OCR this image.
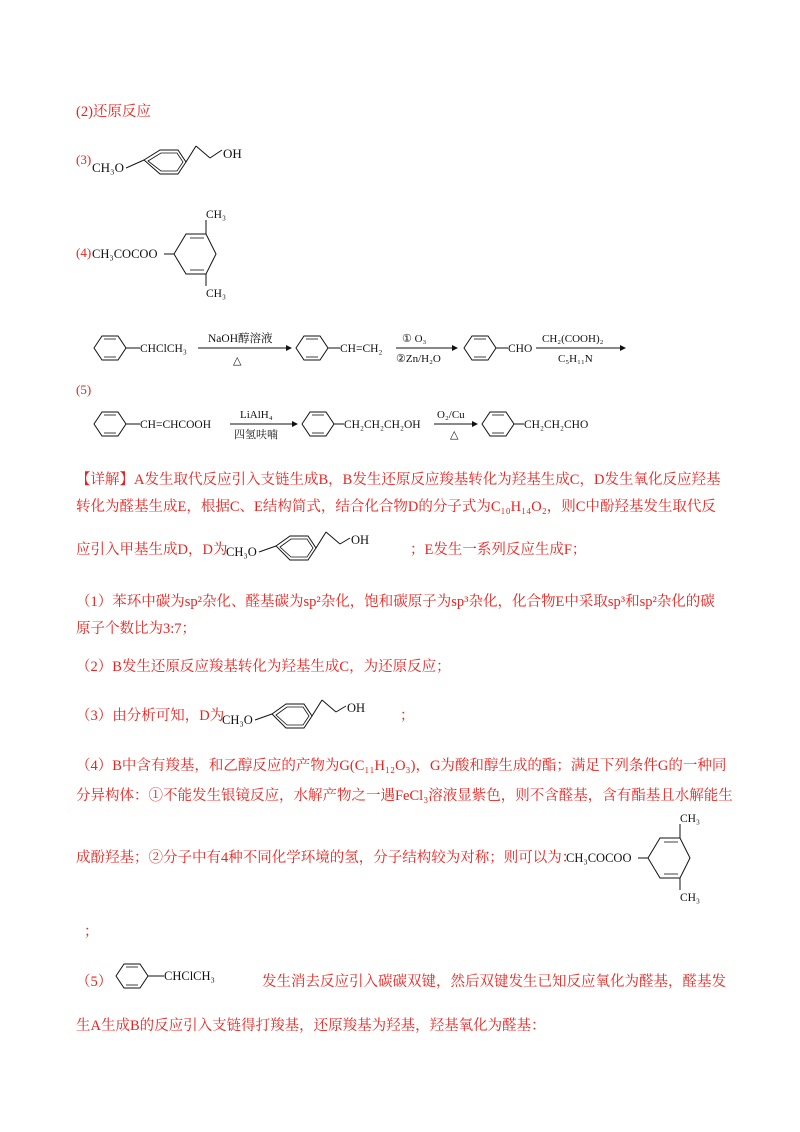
(2)还原反应
(3)
CH₃O
OH
(4) CH₃COCOO
CH₃
CH₃
(5)
CHClCH₃
NaOH醇溶液
△
CH=CH₂
① O₃
②Zn/H₂O
CHO
CH₂(COOH)₂
C₅H₁₁N
CH=CHCOOH
LiAlH₄
四氢呋喃
CH₂CH₂CH₂OH
O₂/Cu
△
CH₂CH₂CHO
【详解】A发生取代反应引入支链生成B，B发生还原反应羧基转化为羟基生成C，D发生氧化反应羟基
转化为醛基生成E，根据C、E结构简式，结合化合物D的分子式为C₁₀H₁₄O₂，则C中酚羟基发生取代反
应引入甲基生成D，D为
CH₃O
OH
；E发生一系列反应生成F；
（1）苯环中碳为sp²杂化、醛基碳为sp²杂化，饱和碳原子为sp³杂化，化合物E中采取sp³和sp²杂化的碳
原子个数比为3:7；
（2）B发生还原反应羧基转化为羟基生成C，为还原反应；
（3）由分析可知，D为
CH₃O
OH ；
（4）B中含有羧基，和乙醇反应的产物为G(C₁₁H₁₂O₃)，G为酸和醇生成的酯；满足下列条件G的一种同
分异构体：①不能发生银镜反应，水解产物之一遇FeCl₃溶液显紫色，则不含醛基，含有酯基且水解能生
成酚羟基；②分子中有4种不同化学环境的氢，分子结构较为对称；则可以为：
CH₃COCOO
CH₃
CH₃
；
（5）	CHClCH₃	发生消去反应引入碳碳双键，然后双键发生已知反应氧化为醛基，醛基发
生A生成B的反应引入支链得打羧基，还原羧基为羟基，羟基氧化为醛基：
